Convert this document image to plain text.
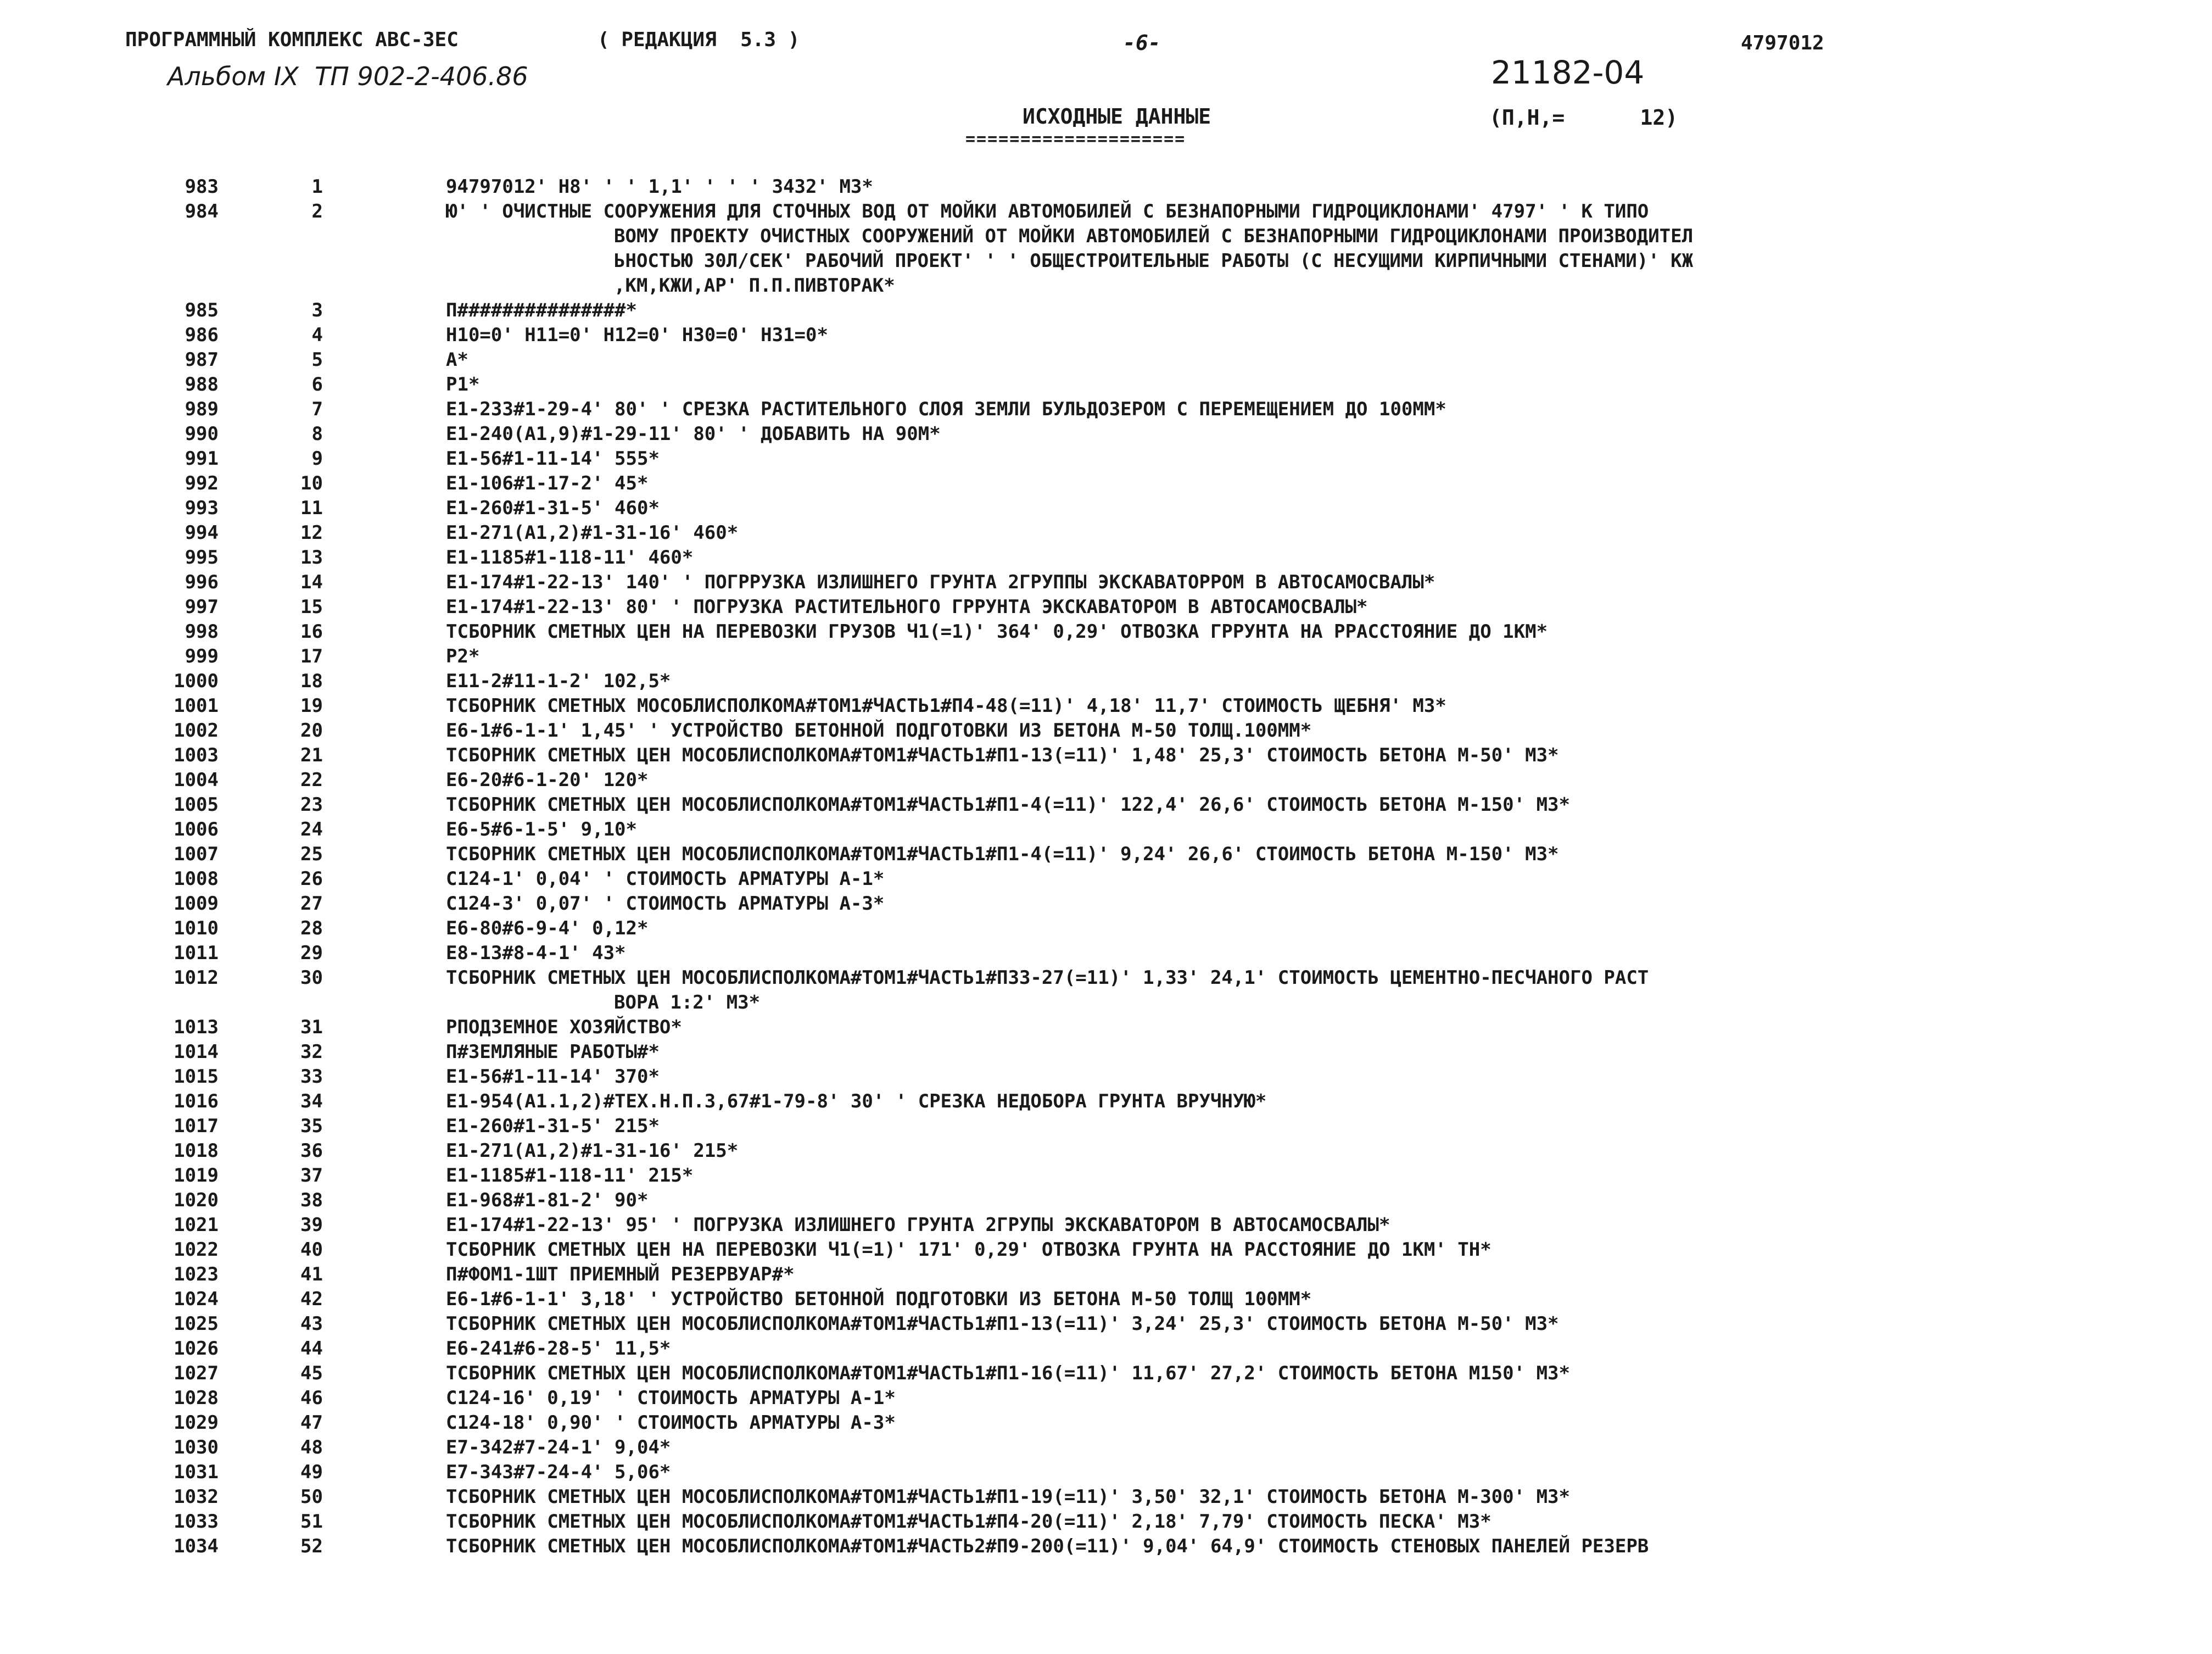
ПРОГРАММНЫЙ КОМПЛЕКС АВС-ЗЕС	( РЕДАКЦИЯ  5.3 )	-6-	4797012
Альбом IX  ТП 902-2-406.86	21182-04
ИСХОДНЫЕ ДАННЫЕ
====================
(П,Н,=      12)
983	1	94797012' Н8' ' ' 1,1' ' ' ' 3432' М3*
984	2	Ю' ' ОЧИСТНЫЕ СООРУЖЕНИЯ ДЛЯ СТОЧНЫХ ВОД ОТ МОЙКИ АВТОМОБИЛЕЙ С БЕЗНАПОРНЫМИ ГИДРОЦИКЛОНАМИ' 4797' ' К ТИПО
ВОМУ ПРОЕКТУ ОЧИСТНЫХ СООРУЖЕНИЙ ОТ МОЙКИ АВТОМОБИЛЕЙ С БЕЗНАПОРНЫМИ ГИДРОЦИКЛОНАМИ ПРОИЗВОДИТЕЛ
ЬНОСТЬЮ 30Л/СЕК' РАБОЧИЙ ПРОЕКТ' ' ' ОБЩЕСТРОИТЕЛЬНЫЕ РАБОТЫ (С НЕСУЩИМИ КИРПИЧНЫМИ СТЕНАМИ)' КЖ
,КМ,КЖИ,АР' П.П.ПИВТОРАК*
985	3	П###############*
986	4	Н10=0' Н11=0' Н12=0' Н30=0' Н31=0*
987	5	А*
988	6	Р1*
989	7	Е1-233#1-29-4' 80' ' СРЕЗКА РАСТИТЕЛЬНОГО СЛОЯ ЗЕМЛИ БУЛЬДОЗЕРОМ С ПЕРЕМЕЩЕНИЕМ ДО 100ММ*
990	8	Е1-240(А1,9)#1-29-11' 80' ' ДОБАВИТЬ НА 90М*
991	9	Е1-56#1-11-14' 555*
992	10	Е1-106#1-17-2' 45*
993	11	Е1-260#1-31-5' 460*
994	12	Е1-271(А1,2)#1-31-16' 460*
995	13	Е1-1185#1-118-11' 460*
996	14	Е1-174#1-22-13' 140' ' ПОГРРУЗКА ИЗЛИШНЕГО ГРУНТА 2ГРУППЫ ЭКСКАВАТОРРОМ В АВТОСАМОСВАЛЫ*
997	15	Е1-174#1-22-13' 80' ' ПОГРУЗКА РАСТИТЕЛЬНОГО ГРРУНТА ЭКСКАВАТОРОМ В АВТОСАМОСВАЛЫ*
998	16	ТСБОРНИК СМЕТНЫХ ЦЕН НА ПЕРЕВОЗКИ ГРУЗОВ Ч1(=1)' 364' 0,29' ОТВОЗКА ГРРУНТА НА РРАССТОЯНИЕ ДО 1КМ*
999	17	Р2*
1000	18	Е11-2#11-1-2' 102,5*
1001	19	ТСБОРНИК СМЕТНЫХ МОСОБЛИСПОЛКОМА#ТОМ1#ЧАСТЬ1#П4-48(=11)' 4,18' 11,7' СТОИМОСТЬ ЩЕБНЯ' М3*
1002	20	Е6-1#6-1-1' 1,45' ' УСТРОЙСТВО БЕТОННОЙ ПОДГОТОВКИ ИЗ БЕТОНА М-50 ТОЛЩ.100ММ*
1003	21	ТСБОРНИК СМЕТНЫХ ЦЕН МОСОБЛИСПОЛКОМА#ТОМ1#ЧАСТЬ1#П1-13(=11)' 1,48' 25,3' СТОИМОСТЬ БЕТОНА М-50' М3*
1004	22	Е6-20#6-1-20' 120*
1005	23	ТСБОРНИК СМЕТНЫХ ЦЕН МОСОБЛИСПОЛКОМА#ТОМ1#ЧАСТЬ1#П1-4(=11)' 122,4' 26,6' СТОИМОСТЬ БЕТОНА М-150' М3*
1006	24	Е6-5#6-1-5' 9,10*
1007	25	ТСБОРНИК СМЕТНЫХ ЦЕН МОСОБЛИСПОЛКОМА#ТОМ1#ЧАСТЬ1#П1-4(=11)' 9,24' 26,6' СТОИМОСТЬ БЕТОНА М-150' М3*
1008	26	С124-1' 0,04' ' СТОИМОСТЬ АРМАТУРЫ А-1*
1009	27	С124-3' 0,07' ' СТОИМОСТЬ АРМАТУРЫ А-3*
1010	28	Е6-80#6-9-4' 0,12*
1011	29	Е8-13#8-4-1' 43*
1012	30	ТСБОРНИК СМЕТНЫХ ЦЕН МОСОБЛИСПОЛКОМА#ТОМ1#ЧАСТЬ1#П33-27(=11)' 1,33' 24,1' СТОИМОСТЬ ЦЕМЕНТНО-ПЕСЧАНОГО РАСТ
ВОРА 1:2' М3*
1013	31	РПОДЗЕМНОЕ ХОЗЯЙСТВО*
1014	32	П#ЗЕМЛЯНЫЕ РАБОТЫ#*
1015	33	Е1-56#1-11-14' 370*
1016	34	Е1-954(А1.1,2)#ТЕХ.Н.П.3,67#1-79-8' 30' ' СРЕЗКА НЕДОБОРА ГРУНТА ВРУЧНУЮ*
1017	35	Е1-260#1-31-5' 215*
1018	36	Е1-271(А1,2)#1-31-16' 215*
1019	37	Е1-1185#1-118-11' 215*
1020	38	Е1-968#1-81-2' 90*
1021	39	Е1-174#1-22-13' 95' ' ПОГРУЗКА ИЗЛИШНЕГО ГРУНТА 2ГРУПЫ ЭКСКАВАТОРОМ В АВТОСАМОСВАЛЫ*
1022	40	ТСБОРНИК СМЕТНЫХ ЦЕН НА ПЕРЕВОЗКИ Ч1(=1)' 171' 0,29' ОТВОЗКА ГРУНТА НА РАССТОЯНИЕ ДО 1КМ' ТН*
1023	41	П#ФОМ1-1ШТ ПРИЕМНЫЙ РЕЗЕРВУАР#*
1024	42	Е6-1#6-1-1' 3,18' ' УСТРОЙСТВО БЕТОННОЙ ПОДГОТОВКИ ИЗ БЕТОНА М-50 ТОЛЩ 100ММ*
1025	43	ТСБОРНИК СМЕТНЫХ ЦЕН МОСОБЛИСПОЛКОМА#ТОМ1#ЧАСТЬ1#П1-13(=11)' 3,24' 25,3' СТОИМОСТЬ БЕТОНА М-50' М3*
1026	44	Е6-241#6-28-5' 11,5*
1027	45	ТСБОРНИК СМЕТНЫХ ЦЕН МОСОБЛИСПОЛКОМА#ТОМ1#ЧАСТЬ1#П1-16(=11)' 11,67' 27,2' СТОИМОСТЬ БЕТОНА М150' М3*
1028	46	С124-16' 0,19' ' СТОИМОСТЬ АРМАТУРЫ А-1*
1029	47	С124-18' 0,90' ' СТОИМОСТЬ АРМАТУРЫ А-3*
1030	48	Е7-342#7-24-1' 9,04*
1031	49	Е7-343#7-24-4' 5,06*
1032	50	ТСБОРНИК СМЕТНЫХ ЦЕН МОСОБЛИСПОЛКОМА#ТОМ1#ЧАСТЬ1#П1-19(=11)' 3,50' 32,1' СТОИМОСТЬ БЕТОНА М-300' М3*
1033	51	ТСБОРНИК СМЕТНЫХ ЦЕН МОСОБЛИСПОЛКОМА#ТОМ1#ЧАСТЬ1#П4-20(=11)' 2,18' 7,79' СТОИМОСТЬ ПЕСКА' М3*
1034	52	ТСБОРНИК СМЕТНЫХ ЦЕН МОСОБЛИСПОЛКОМА#ТОМ1#ЧАСТЬ2#П9-200(=11)' 9,04' 64,9' СТОИМОСТЬ СТЕНОВЫХ ПАНЕЛЕЙ РЕЗЕРВ
